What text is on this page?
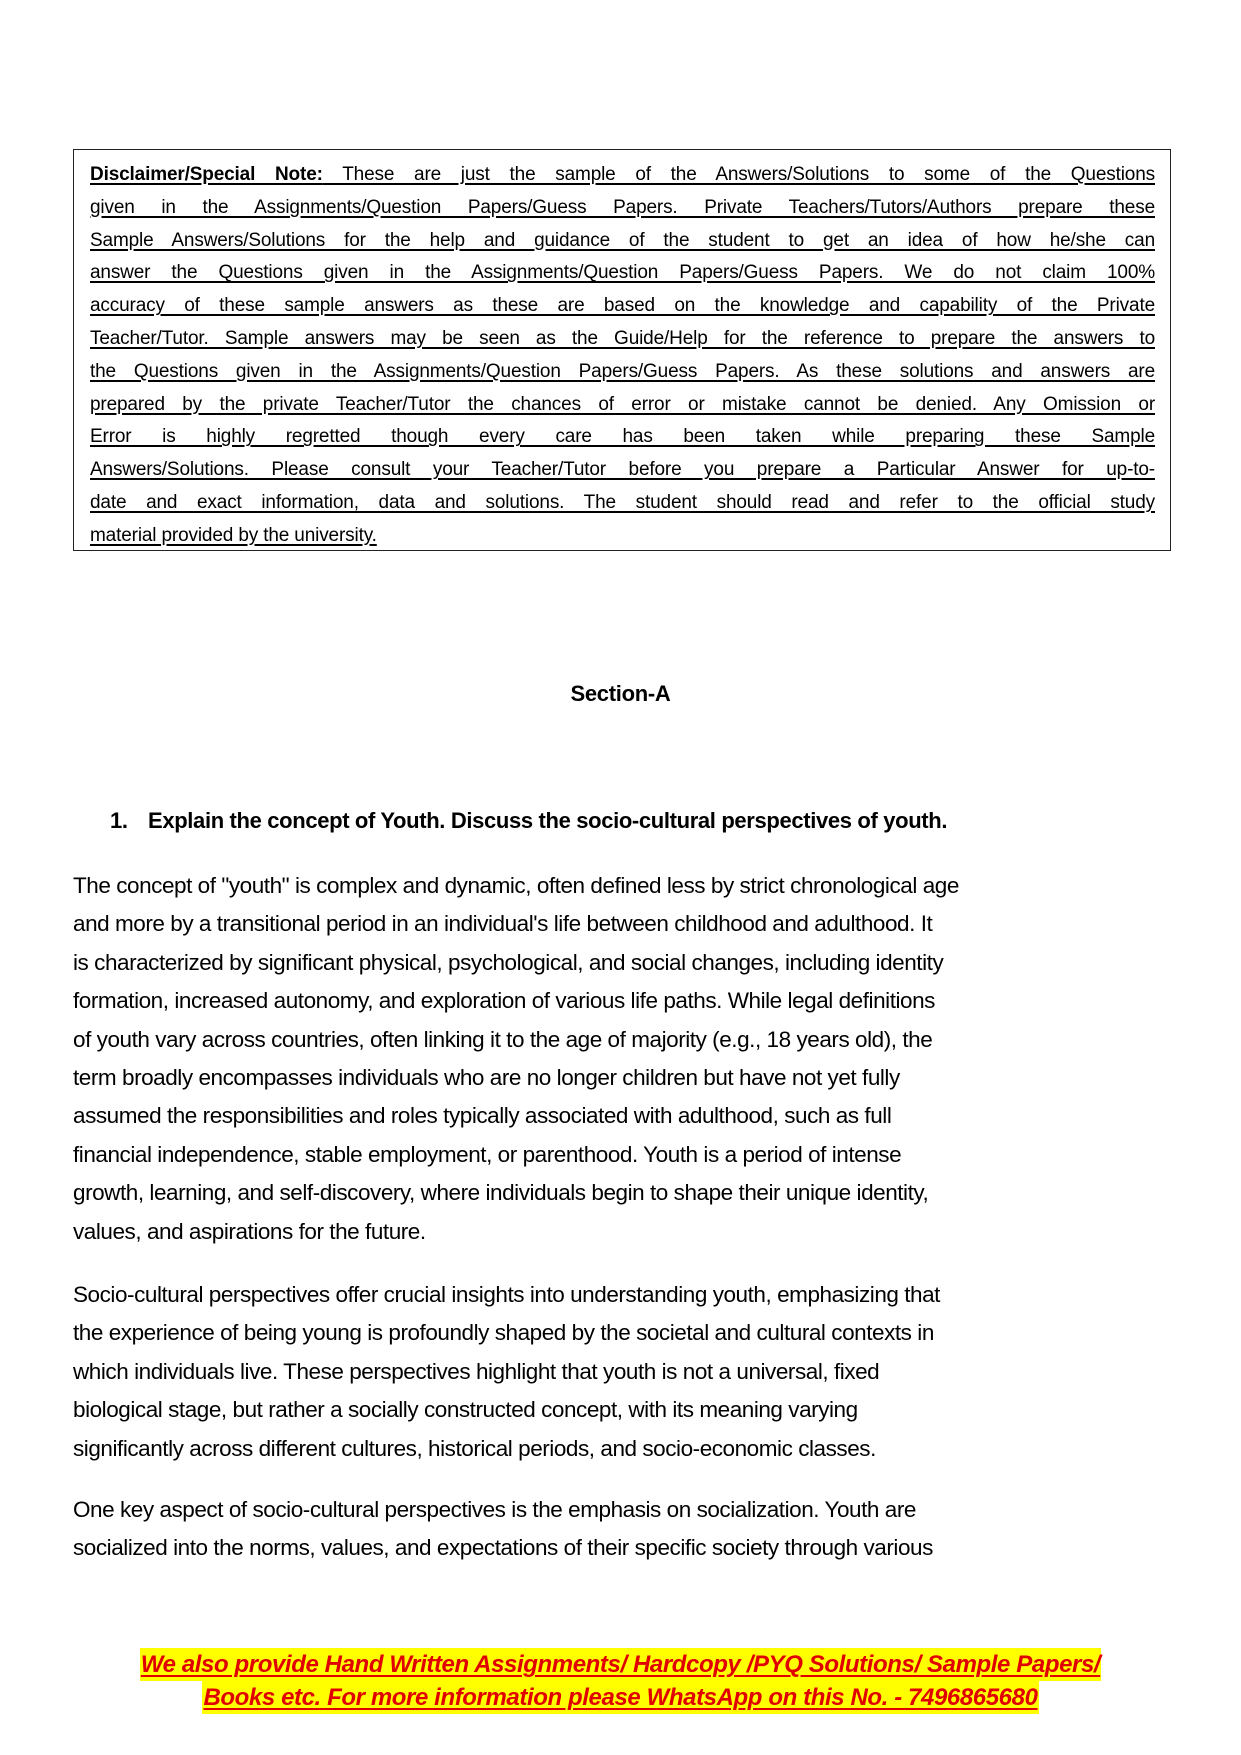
Disclaimer/Special Note: These are just the sample of the Answers/Solutions to some of the Questions
given in the Assignments/Question Papers/Guess Papers. Private Teachers/Tutors/Authors prepare these
Sample Answers/Solutions for the help and guidance of the student to get an idea of how he/she can
answer the Questions given in the Assignments/Question Papers/Guess Papers. We do not claim 100%
accuracy of these sample answers as these are based on the knowledge and capability of the Private
Teacher/Tutor. Sample answers may be seen as the Guide/Help for the reference to prepare the answers to
the Questions given in the Assignments/Question Papers/Guess Papers. As these solutions and answers are
prepared by the private Teacher/Tutor the chances of error or mistake cannot be denied. Any Omission or
Error is highly regretted though every care has been taken while preparing these Sample
Answers/Solutions. Please consult your Teacher/Tutor before you prepare a Particular Answer for up-to-
date and exact information, data and solutions. The student should read and refer to the official study
material provided by the university.
Section-A
1. Explain the concept of Youth. Discuss the socio-cultural perspectives of youth.
The concept of "youth" is complex and dynamic, often defined less by strict chronological age
and more by a transitional period in an individual's life between childhood and adulthood. It
is characterized by significant physical, psychological, and social changes, including identity
formation, increased autonomy, and exploration of various life paths. While legal definitions
of youth vary across countries, often linking it to the age of majority (e.g., 18 years old), the
term broadly encompasses individuals who are no longer children but have not yet fully
assumed the responsibilities and roles typically associated with adulthood, such as full
financial independence, stable employment, or parenthood. Youth is a period of intense
growth, learning, and self-discovery, where individuals begin to shape their unique identity,
values, and aspirations for the future.
Socio-cultural perspectives offer crucial insights into understanding youth, emphasizing that
the experience of being young is profoundly shaped by the societal and cultural contexts in
which individuals live. These perspectives highlight that youth is not a universal, fixed
biological stage, but rather a socially constructed concept, with its meaning varying
significantly across different cultures, historical periods, and socio-economic classes.
One key aspect of socio-cultural perspectives is the emphasis on socialization. Youth are
socialized into the norms, values, and expectations of their specific society through various
We also provide Hand Written Assignments/ Hardcopy /PYQ Solutions/ Sample Papers/
Books etc. For more information please WhatsApp on this No. - 7496865680
